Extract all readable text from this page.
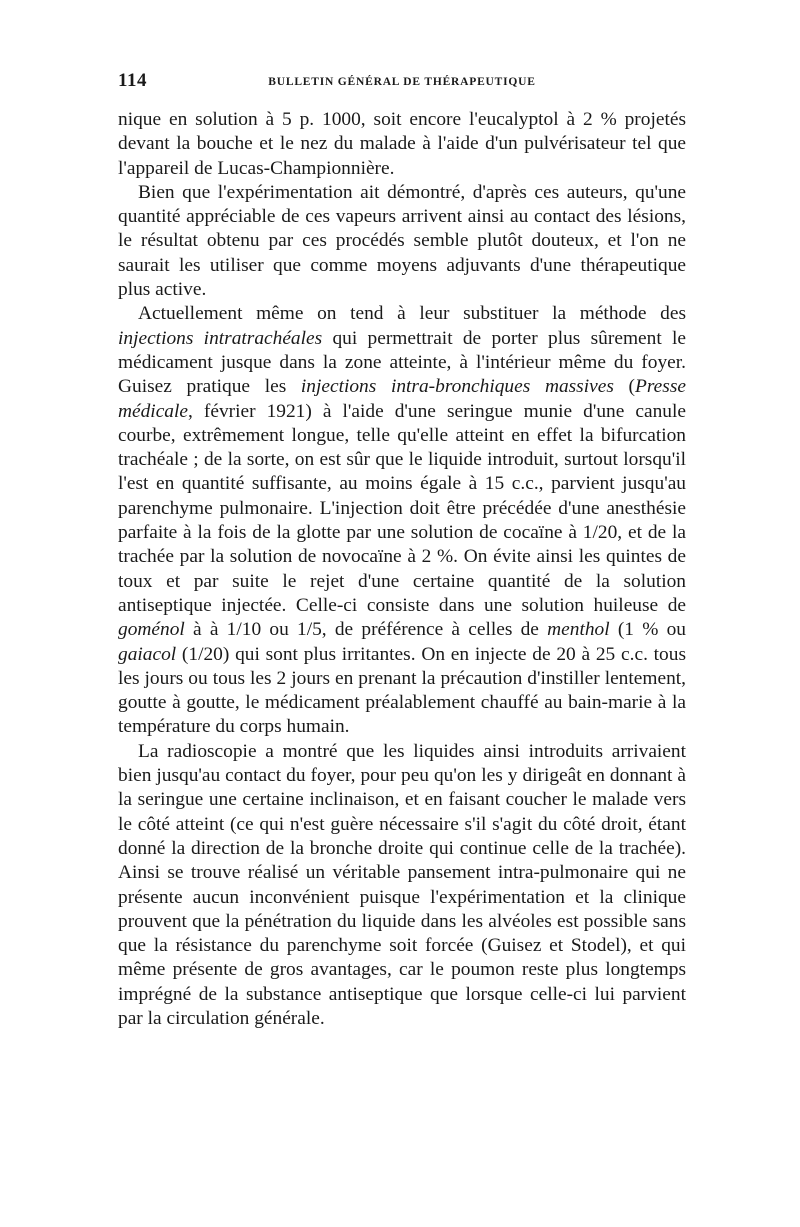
114	BULLETIN GÉNÉRAL DE THÉRAPEUTIQUE

nique en solution à 5 p. 1000, soit encore l'eucalyptol à 2 % projetés devant la bouche et le nez du malade à l'aide d'un pulvérisateur tel que l'appareil de Lucas-Championnière.

Bien que l'expérimentation ait démontré, d'après ces auteurs, qu'une quantité appréciable de ces vapeurs arrivent ainsi au contact des lésions, le résultat obtenu par ces procédés semble plutôt douteux, et l'on ne saurait les utiliser que comme moyens adjuvants d'une thérapeutique plus active.

Actuellement même on tend à leur substituer la méthode des injections intratrachéales qui permettrait de porter plus sûrement le médicament jusque dans la zone atteinte, à l'intérieur même du foyer. Guisez pratique les injections intra-bronchiques massives (Presse médicale, février 1921) à l'aide d'une seringue munie d'une canule courbe, extrêmement longue, telle qu'elle atteint en effet la bifurcation trachéale ; de la sorte, on est sûr que le liquide introduit, surtout lorsqu'il l'est en quantité suffisante, au moins égale à 15 c.c., parvient jusqu'au parenchyme pulmonaire. L'injection doit être précédée d'une anesthésie parfaite à la fois de la glotte par une solution de cocaïne à 1/20, et de la trachée par la solution de novocaïne à 2 %. On évite ainsi les quintes de toux et par suite le rejet d'une certaine quantité de la solution antiseptique injectée. Celle-ci consiste dans une solution huileuse de goménol à à 1/10 ou 1/5, de préférence à celles de menthol (1 % ou gaiacol (1/20) qui sont plus irritantes. On en injecte de 20 à 25 c.c. tous les jours ou tous les 2 jours en prenant la précaution d'instiller lentement, goutte à goutte, le médicament préalablement chauffé au bain-marie à la température du corps humain.

La radioscopie a montré que les liquides ainsi introduits arrivaient bien jusqu'au contact du foyer, pour peu qu'on les y dirigeât en donnant à la seringue une certaine inclinaison, et en faisant coucher le malade vers le côté atteint (ce qui n'est guère nécessaire s'il s'agit du côté droit, étant donné la direction de la bronche droite qui continue celle de la trachée). Ainsi se trouve réalisé un véritable pansement intra-pulmonaire qui ne présente aucun inconvénient puisque l'expérimentation et la clinique prouvent que la pénétration du liquide dans les alvéoles est possible sans que la résistance du parenchyme soit forcée (Guisez et Stodel), et qui même présente de gros avantages, car le poumon reste plus longtemps imprégné de la substance antiseptique que lorsque celle-ci lui parvient par la circulation générale.
